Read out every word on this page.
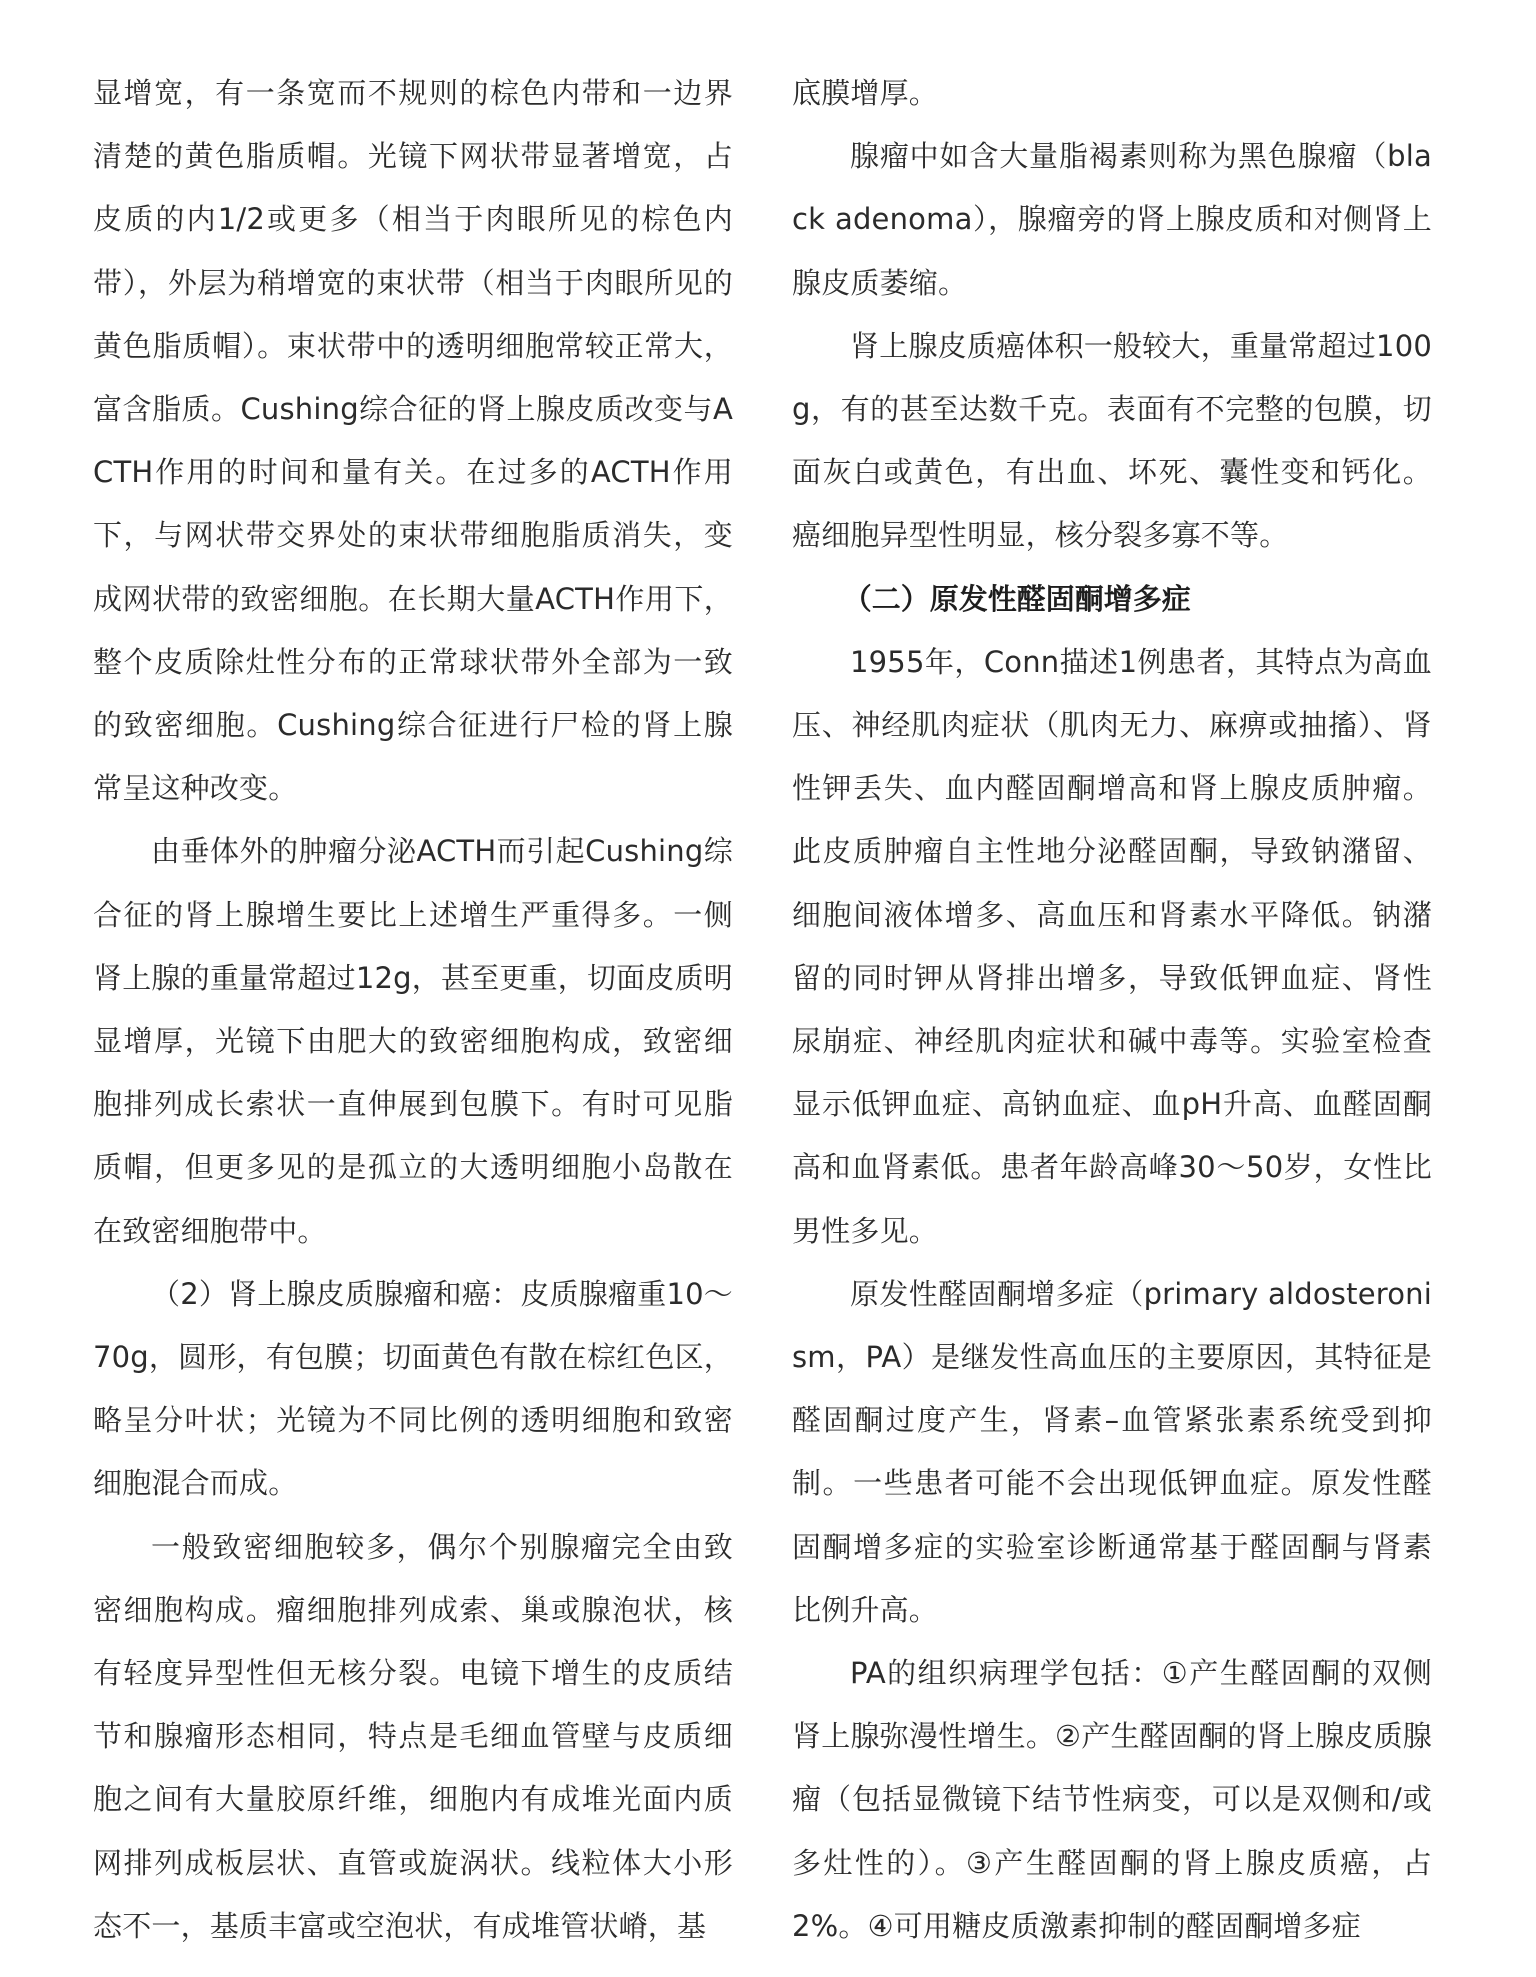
显增宽，有一条宽而不规则的棕色内带和一边界清楚的黄色脂质帽。光镜下网状带显著增宽，占皮质的内1/2或更多（相当于肉眼所见的棕色内带），外层为稍增宽的束状带（相当于肉眼所见的黄色脂质帽）。束状带中的透明细胞常较正常大，富含脂质。Cushing综合征的肾上腺皮质改变与ACTH作用的时间和量有关。在过多的ACTH作用下，与网状带交界处的束状带细胞脂质消失，变成网状带的致密细胞。在长期大量ACTH作用下，整个皮质除灶性分布的正常球状带外全部为一致的致密细胞。Cushing综合征进行尸检的肾上腺常呈这种改变。

由垂体外的肿瘤分泌ACTH而引起Cushing综合征的肾上腺增生要比上述增生严重得多。一侧肾上腺的重量常超过12g，甚至更重，切面皮质明显增厚，光镜下由肥大的致密细胞构成，致密细胞排列成长索状一直伸展到包膜下。有时可见脂质帽，但更多见的是孤立的大透明细胞小岛散在在致密细胞带中。

（2）肾上腺皮质腺瘤和癌：皮质腺瘤重10～70g，圆形，有包膜；切面黄色有散在棕红色区，略呈分叶状；光镜为不同比例的透明细胞和致密细胞混合而成。

一般致密细胞较多，偶尔个别腺瘤完全由致密细胞构成。瘤细胞排列成索、巢或腺泡状，核有轻度异型性但无核分裂。电镜下增生的皮质结节和腺瘤形态相同，特点是毛细血管壁与皮质细胞之间有大量胶原纤维，细胞内有成堆光面内质网排列成板层状、直管或旋涡状。线粒体大小形态不一，基质丰富或空泡状，有成堆管状嵴，基

底膜增厚。

腺瘤中如含大量脂褐素则称为黑色腺瘤（black adenoma），腺瘤旁的肾上腺皮质和对侧肾上腺皮质萎缩。

肾上腺皮质癌体积一般较大，重量常超过100g，有的甚至达数千克。表面有不完整的包膜，切面灰白或黄色，有出血、坏死、囊性变和钙化。癌细胞异型性明显，核分裂多寡不等。

（二）原发性醛固酮增多症

1955年，Conn描述1例患者，其特点为高血压、神经肌肉症状（肌肉无力、麻痹或抽搐）、肾性钾丢失、血内醛固酮增高和肾上腺皮质肿瘤。此皮质肿瘤自主性地分泌醛固酮，导致钠潴留、细胞间液体增多、高血压和肾素水平降低。钠潴留的同时钾从肾排出增多，导致低钾血症、肾性尿崩症、神经肌肉症状和碱中毒等。实验室检查显示低钾血症、高钠血症、血pH升高、血醛固酮高和血肾素低。患者年龄高峰30～50岁，女性比男性多见。

原发性醛固酮增多症（primary aldosteronism，PA）是继发性高血压的主要原因，其特征是醛固酮过度产生，肾素–血管紧张素系统受到抑制。一些患者可能不会出现低钾血症。原发性醛固酮增多症的实验室诊断通常基于醛固酮与肾素比例升高。

PA的组织病理学包括：①产生醛固酮的双侧肾上腺弥漫性增生。②产生醛固酮的肾上腺皮质腺瘤（包括显微镜下结节性病变，可以是双侧和/或多灶性的）。③产生醛固酮的肾上腺皮质癌，占2%。④可用糖皮质激素抑制的醛固酮增多症
